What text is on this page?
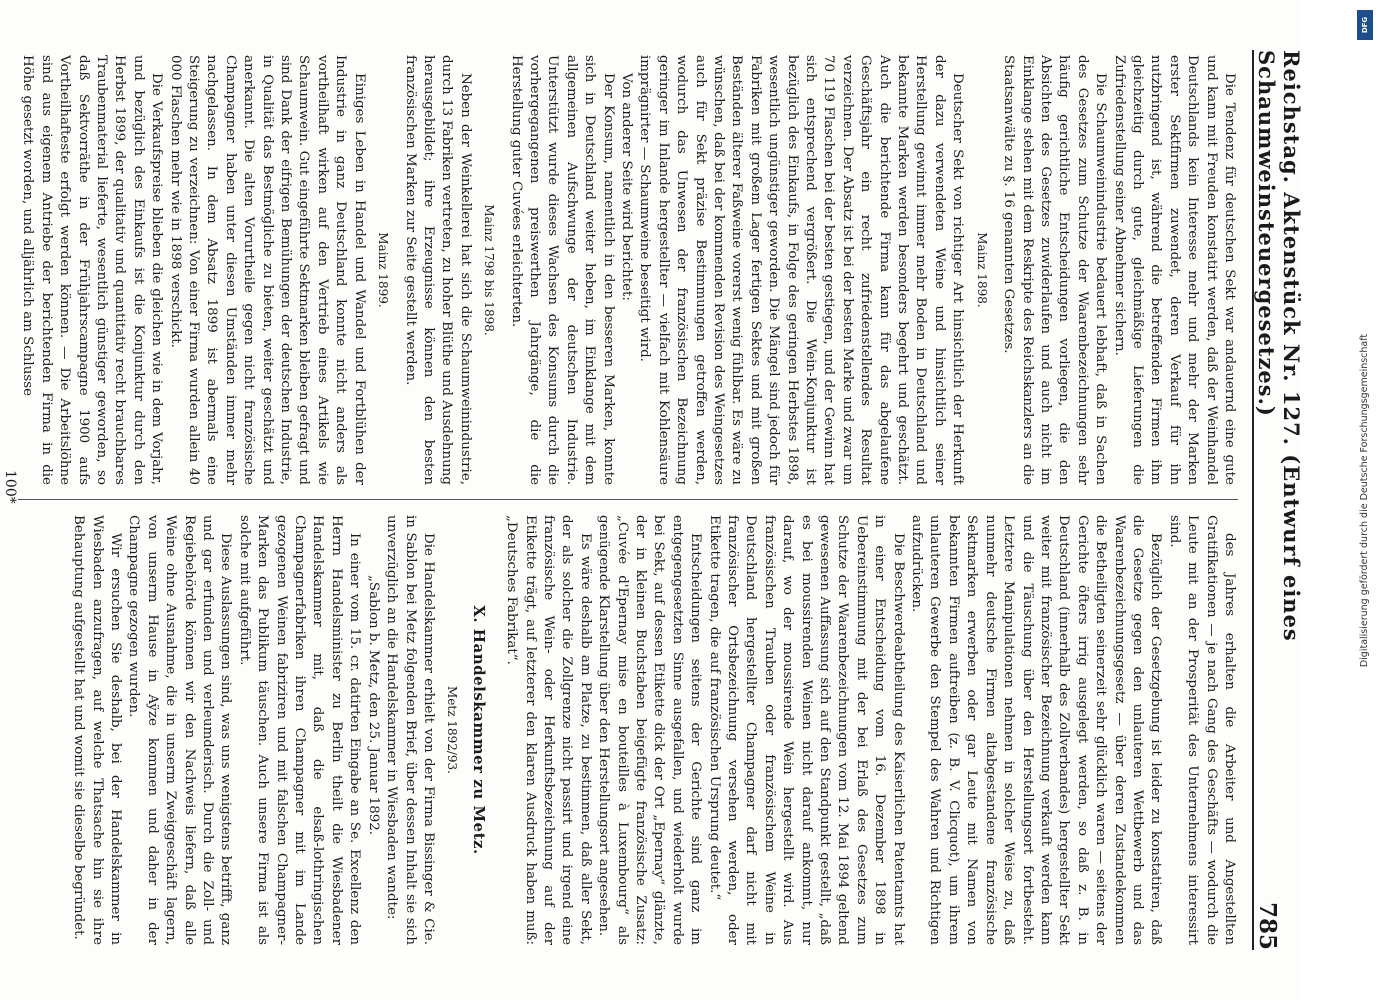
Reichstag. Aktenstück Nr. 127. (Entwurf eines Schaumweinsteuergesetzes.)
785

Die Tendenz für deutschen Sekt war andauernd eine gute und kann mit Freuden konstatirt werden, daß der Weinhandel Deutschlands kein Interesse mehr und mehr der Marken erster Sektfirmen zuwendet, deren Verkauf für ihn nutzbringend ist, während die betreffenden Firmen ihm gleichzeitig durch gute, gleichmäßige Lieferungen die Zufriedenstellung seiner Abnehmer sichern.

Die Schaumweinindustrie bedauert lebhaft, daß in Sachen des Gesetzes zum Schutze der Waarenbezeichnungen sehr häufig gerichtliche Entscheidungen vorliegen, die den Absichten des Gesetzes zuwiderlaufen und auch nicht im Einklange stehen mit dem Reskripte des Reichskanzlers an die Staatsanwälte zu §. 16 genannten Gesetzes.

Mainz 1898.

Deutscher Sekt von richtiger Art hinsichtlich der Herkunft der dazu verwendeten Weine und hinsichtlich seiner Herstellung gewinnt immer mehr Boden in Deutschland und bekannte Marken werden besonders begehrt und geschätzt. Auch die berichtende Firma kann für das abgelaufene Geschäftsjahr ein recht zufriedenstellendes Resultat verzeichnen. Der Absatz ist bei der besten Marke und zwar um 70 119 Flaschen bei der besten gestiegen, und der Gewinn hat sich entsprechend vergrößert. Die Wein-Konjunktur ist bezüglich des Einkaufs, in Folge des geringen Herbstes 1898, wesentlich ungünstiger geworden. Die Mängel sind jedoch für Fabriken mit großem Lager fertigen Sektes und mit großen Beständen älterer Faßweine vorerst wenig fühlbar. Es wäre zu wünschen, daß bei der kommenden Revision des Weingesetzes auch für Sekt präzise Bestimmungen getroffen werden, wodurch das Unwesen der französischen Bezeichnung geringer im Inlande hergestellter — vielfach mit Kohlensäure imprägnirter — Schaumweine beseitigt wird.

Von anderer Seite wird berichtet:

Der Konsum, namentlich in den besseren Marken, konnte sich in Deutschland weiter heben, im Einklange mit dem allgemeinen Aufschwunge der deutschen Industrie. Unterstützt wurde dieses Wachsen des Konsums durch die vorhergegangenen preiswerthen Jahrgänge, die die Herstellung guter Cuvées erleichterten.

Mainz 1798 bis 1898.

Neben der Weinkellerei hat sich die Schaumweinindustrie, durch 13 Fabriken vertreten, zu hoher Blüthe und Ausdehnung herausgebildet; ihre Erzeugnisse können den besten französischen Marken zur Seite gestellt werden.

Mainz 1899.

Einiges Leben in Handel und Wandel und Fortblühen der Industrie in ganz Deutschland konnte nicht anders als vortheilhaft wirken auf den Vertrieb eines Artikels wie Schaumwein. Gut eingeführte Sektmarken bleiben gefragt und sind Dank der eifrigen Bemühungen der deutschen Industrie, in Qualität das Bestmögliche zu bieten, weiter geschätzt und anerkannt. Die alten Vorurtheile gegen nicht französische Champagner haben unter diesen Umständen immer mehr nachgelassen. In dem Absatz 1899 ist abermals eine Steigerung zu verzeichnen: Von einer Firma wurden allein 40 000 Flaschen mehr wie in 1898 verschickt.

Die Verkaufspreise blieben die gleichen wie in dem Vorjahr, und bezüglich des Einkaufs ist die Konjunktur durch den Herbst 1899, der qualitativ und quantitativ recht brauchbares Traubenmaterial lieferte, wesentlich günstiger geworden, so daß Sektvorräthe in der Frühjahrscampagne 1900 aufs Vortheilhafteste erfolgt werden können. — Die Arbeitslöhne sind aus eigenem Antriebe der berichtenden Firma in die Höhe gesetzt worden, und alljährlich am Schlusse

des Jahres erhalten die Arbeiter und Angestellten Gratifikationen — je nach Gang des Geschäfts — wodurch die Leute mit an der Prosperität des Unternehmens interessirt sind.

Bezüglich der Gesetzgebung ist leider zu konstatiren, daß die Gesetze gegen den unlauteren Wettbewerb und das Waarenbezeichnungsgesetz — über deren Zustandekommen die Betheiligten seinerzeit sehr glücklich waren — seitens der Gerichte öfters irrig ausgelegt werden, so daß z. B. in Deutschland (innerhalb des Zollverbandes) hergestellter Sekt weiter mit französischer Bezeichnung verkauft werden kann und die Täuschung über den Herstellungsort fortbesteht. Letztere Manipulationen nehmen in solcher Weise zu, daß nunmehr deutsche Firmen altabgestandene französische Sektmarken erwerben oder gar Leute mit Namen von bekannten Firmen auftreiben (z. B. V. Clicquot), um ihrem unlauteren Gewerbe den Stempel des Wahren und Richtigen aufzudrücken.

Die Beschwerdeabtheilung des Kaiserlichen Patentamts hat in einer Entscheidung vom 16. Dezember 1898 in Uebereinstimmung mit der bei Erlaß des Gesetzes zum Schutze der Waarenbezeichnungen vom 12. Mai 1894 geltend gewesenen Auffassung sich auf den Standpunkt gestellt, „daß es bei moussirenden Weinen nicht darauf ankommt, nur darauf, wo der moussirende Wein hergestellt wird. Aus französischen Trauben oder französischem Weine in Deutschland hergestellter Champagner darf nicht mit französischer Ortsbezeichnung versehen werden, oder Etikette tragen, die auf französischen Ursprung deutet.“

Entscheidungen seitens der Gerichte sind ganz im entgegengesetzten Sinne ausgefallen, und wiederholt wurde bei Sekt, auf dessen Etikette dick der Ort „Epernay“ glänzte, der in kleinen Buchstaben beigefügte französische Zusatz: „Cuvée d'Epernay mise en bouteilles à Luxembourg“ als genügende Klarstellung über den Herstellungsort angesehen.

Es wäre deshalb am Platze, zu bestimmen, daß aller Sekt, der als solcher die Zollgrenze nicht passirt und irgend eine französische Wein- oder Herkunftsbezeichnung auf der Etikette trägt, auf letzterer den klaren Ausdruck haben muß: „Deutsches Fabrikat“.

X. Handelskammer zu Metz.

Metz 1892/93.

Die Handelskammer erhielt von der Firma Bissinger & Cie. in Sablon bei Metz folgenden Brief, über dessen Inhalt sie sich unverzüglich an die Handelskammer in Wiesbaden wandte:

„Sablon b. Metz, den 25. Januar 1892.

In einer vom 15. cr. datirten Eingabe an Se. Excellenz den Herrn Handelsminister zu Berlin theilt die Wiesbadener Handelskammer mit, daß die elsaß-lothringischen Champagnerfabriken ihren Champagner mit im Lande gezogenen Weinen fabriziren und mit falschen Champagner-Marken das Publikum täuschen. Auch unsere Firma ist als solche mit aufgeführt.

Diese Auslassungen sind, was uns wenigstens betrifft, ganz und gar erfunden und verleumderisch. Durch die Zoll- und Regiebehörde können wir den Nachweis liefern, daß alle Weine ohne Ausnahme, die in unserm Zweiggeschäft lagern, von unserm Hause in Aÿze kommen und daher in der Champagne gezogen wurden.

Wir ersuchen Sie deshalb, bei der Handelskammer in Wiesbaden anzufragen, auf welche Thatsache hin sie ihre Behauptung aufgestellt hat und womit sie dieselbe begründet.

100*
DFG
Digitalisierung gefördert durch die Deutsche Forschungsgemeinschaft
